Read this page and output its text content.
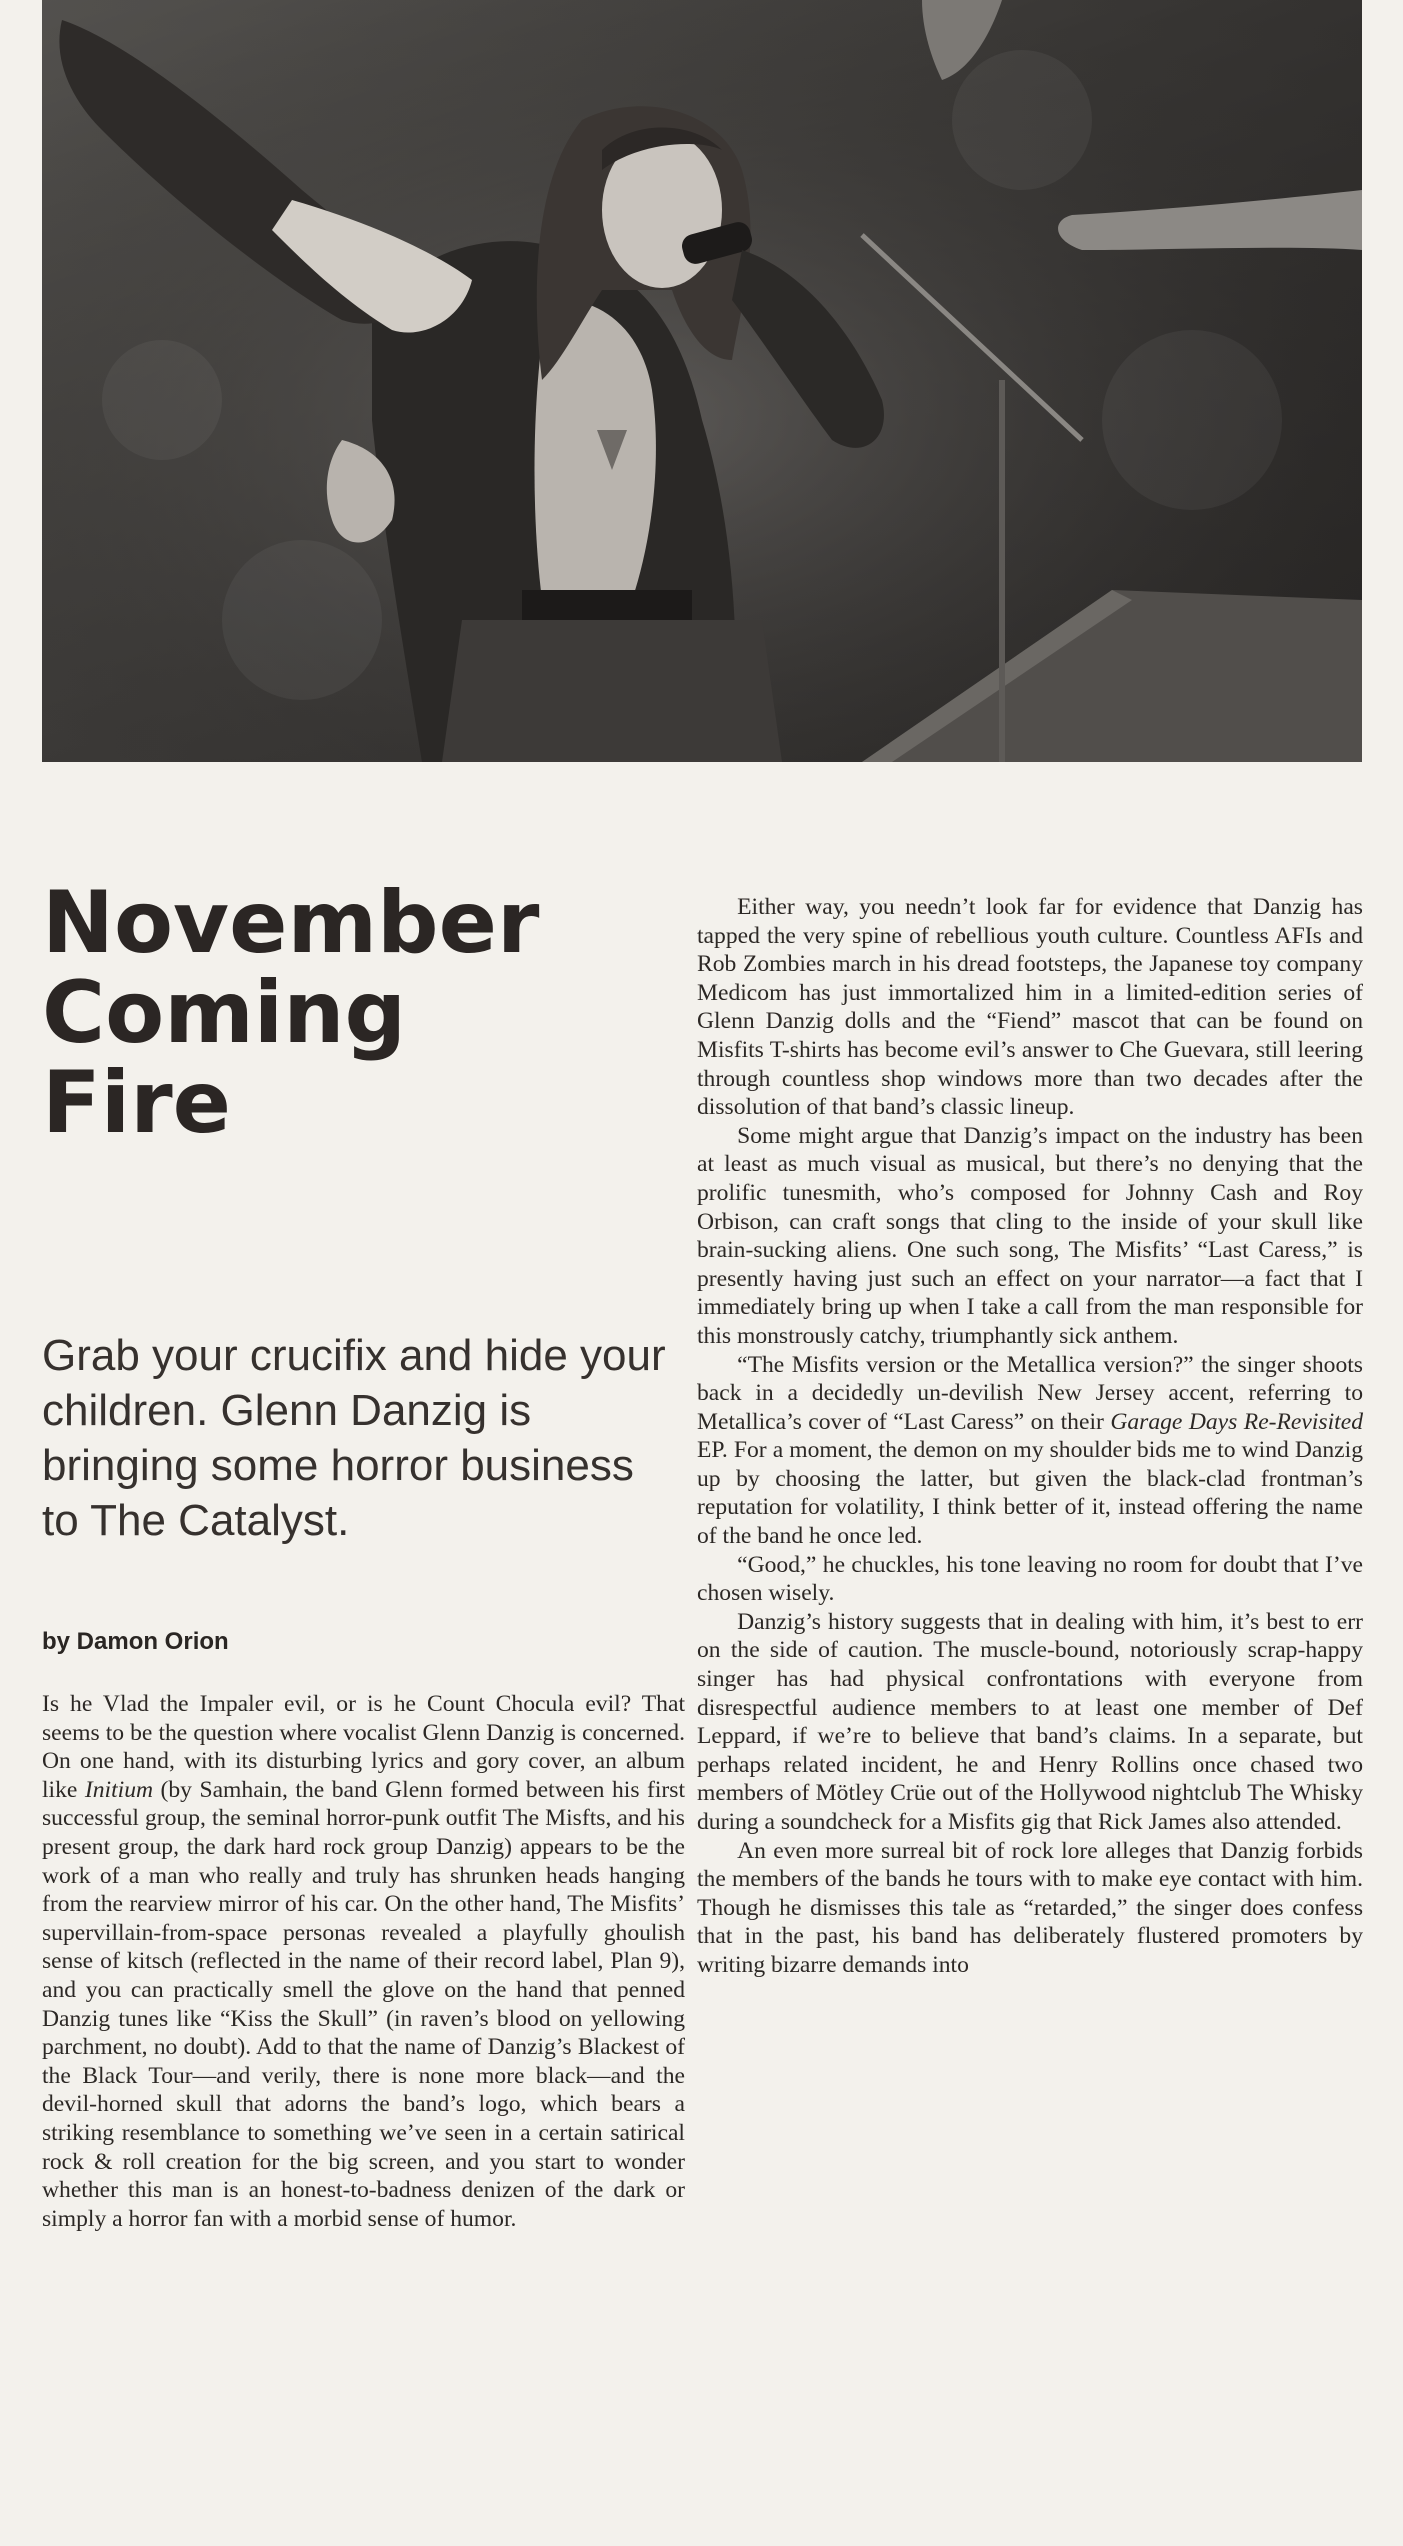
November
Coming
Fire

Grab your crucifix and hide your children. Glenn Danzig is bringing some horror business to The Catalyst.

by Damon Orion

Is he Vlad the Impaler evil, or is he Count Chocula evil? That seems to be the question where vocalist Glenn Danzig is concerned. On one hand, with its disturbing lyrics and gory cover, an album like Initium (by Samhain, the band Glenn formed between his first successful group, the seminal horror-punk outfit The Misfts, and his present group, the dark hard rock group Danzig) appears to be the work of a man who really and truly has shrunken heads hanging from the rearview mirror of his car. On the other hand, The Misfits’ supervillain-from-space personas revealed a playfully ghoulish sense of kitsch (reflected in the name of their record label, Plan 9), and you can practically smell the glove on the hand that penned Danzig tunes like “Kiss the Skull” (in raven’s blood on yellowing parchment, no doubt). Add to that the name of Danzig’s Blackest of the Black Tour—and verily, there is none more black—and the devil-horned skull that adorns the band’s logo, which bears a striking resemblance to something we’ve seen in a certain satirical rock & roll creation for the big screen, and you start to wonder whether this man is an honest-to-badness denizen of the dark or simply a horror fan with a morbid sense of humor.

Either way, you needn’t look far for evidence that Danzig has tapped the very spine of rebellious youth culture. Countless AFIs and Rob Zombies march in his dread footsteps, the Japanese toy company Medicom has just immortalized him in a limited-edition series of Glenn Danzig dolls and the “Fiend” mascot that can be found on Misfits T-shirts has become evil’s answer to Che Guevara, still leering through countless shop windows more than two decades after the dissolution of that band’s classic lineup.

Some might argue that Danzig’s impact on the industry has been at least as much visual as musical, but there’s no denying that the prolific tunesmith, who’s composed for Johnny Cash and Roy Orbison, can craft songs that cling to the inside of your skull like brain-sucking aliens. One such song, The Misfits’ “Last Caress,” is presently having just such an effect on your narrator—a fact that I immediately bring up when I take a call from the man responsible for this monstrously catchy, triumphantly sick anthem.

“The Misfits version or the Metallica version?” the singer shoots back in a decidedly un-devilish New Jersey accent, referring to Metallica’s cover of “Last Caress” on their Garage Days Re-Revisited EP. For a moment, the demon on my shoulder bids me to wind Danzig up by choosing the latter, but given the black-clad frontman’s reputation for volatility, I think better of it, instead offering the name of the band he once led.

“Good,” he chuckles, his tone leaving no room for doubt that I’ve chosen wisely.

Danzig’s history suggests that in dealing with him, it’s best to err on the side of caution. The muscle-bound, notoriously scrap-happy singer has had physical confrontations with everyone from disrespectful audience members to at least one member of Def Leppard, if we’re to believe that band’s claims. In a separate, but perhaps related incident, he and Henry Rollins once chased two members of Mötley Crüe out of the Hollywood nightclub The Whisky during a soundcheck for a Misfits gig that Rick James also attended.

An even more surreal bit of rock lore alleges that Danzig forbids the members of the bands he tours with to make eye contact with him. Though he dismisses this tale as “retarded,” the singer does confess that in the past, his band has deliberately flustered promoters by writing bizarre demands into
